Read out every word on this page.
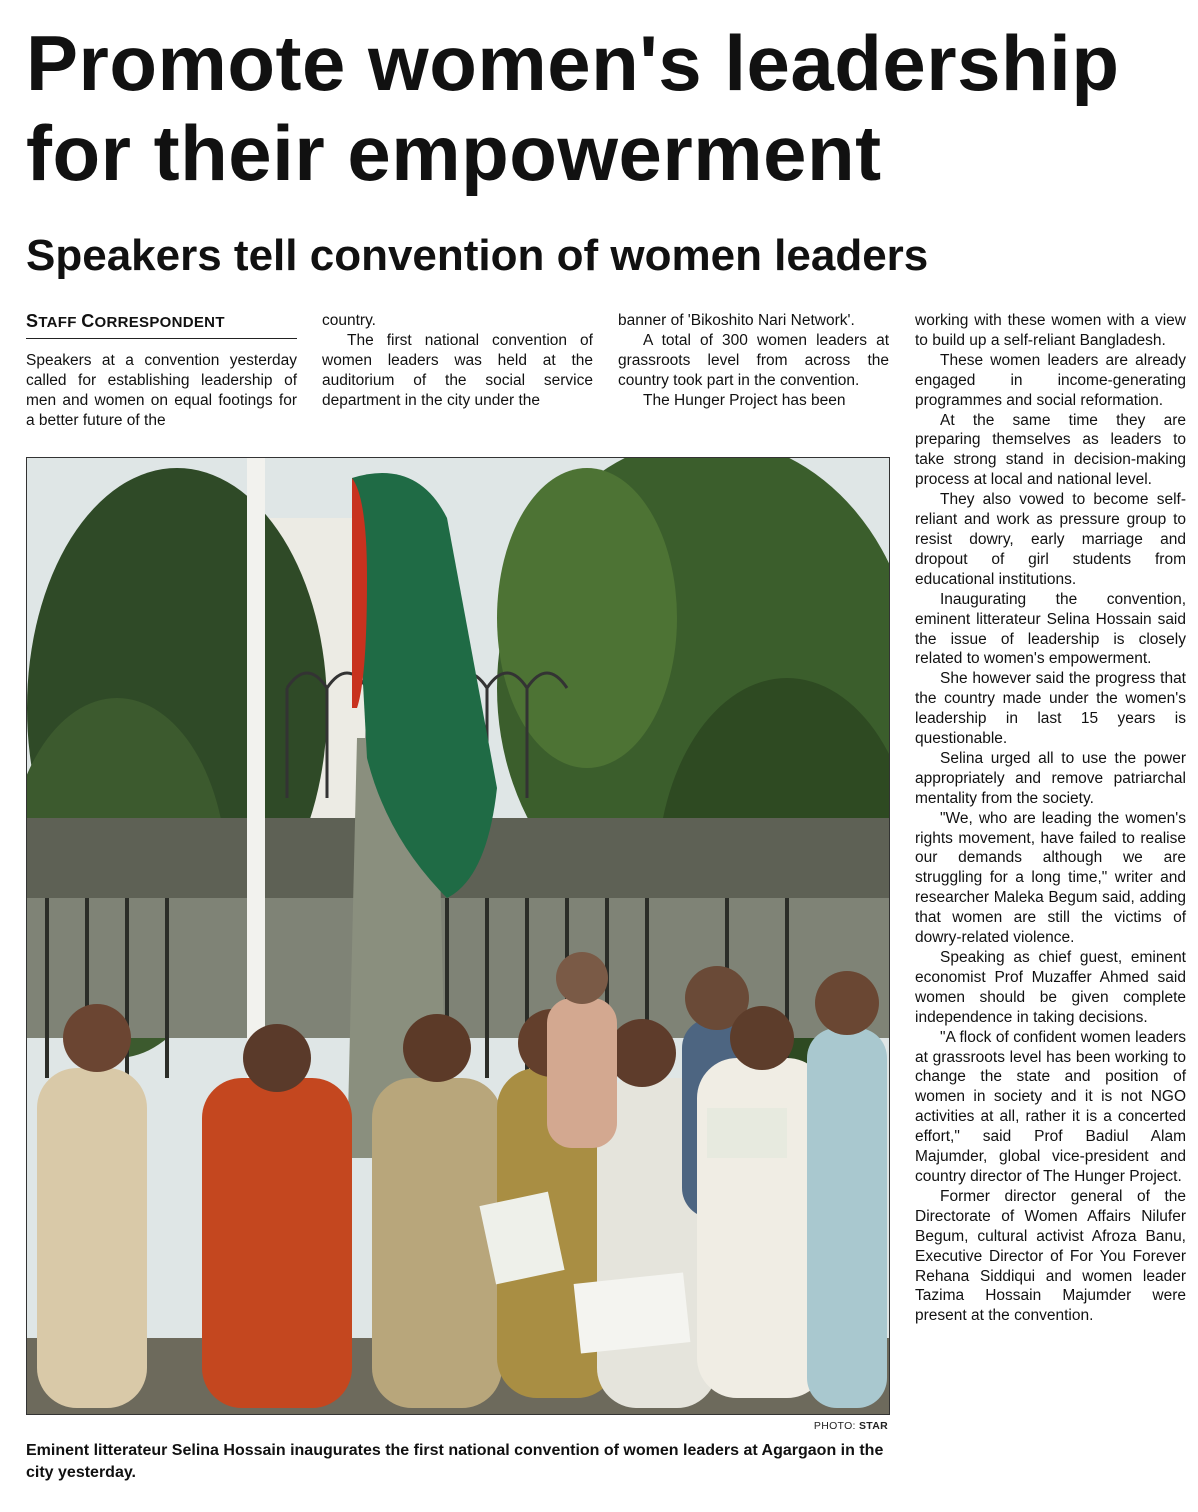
Promote women's leadership
for their empowerment
Speakers tell convention of women leaders
STAFF CORRESPONDENT

Speakers at a convention yesterday called for establishing leadership of men and women on equal footings for a better future of the

country.

The first national convention of women leaders was held at the auditorium of the social service department in the city under the

banner of 'Bikoshito Nari Network'.

A total of 300 women leaders at grassroots level from across the country took part in the convention.

The Hunger Project has been

working with these women with a view to build up a self-reliant Bangladesh.

These women leaders are already engaged in income-generating programmes and social reformation.

At the same time they are preparing themselves as leaders to take strong stand in decision-making process at local and national level.

They also vowed to become self-reliant and work as pressure group to resist dowry, early marriage and dropout of girl students from educational institutions.

Inaugurating the convention, eminent litterateur Selina Hossain said the issue of leadership is closely related to women's empowerment.

She however said the progress that the country made under the women's leadership in last 15 years is questionable.

Selina urged all to use the power appropriately and remove patriarchal mentality from the society.

"We, who are leading the women's rights movement, have failed to realise our demands although we are struggling for a long time," writer and researcher Maleka Begum said, adding that women are still the victims of dowry-related violence.

Speaking as chief guest, eminent economist Prof Muzaffer Ahmed said women should be given complete independence in taking decisions.

"A flock of confident women leaders at grassroots level has been working to change the state and position of women in society and it is not NGO activities at all, rather it is a concerted effort," said Prof Badiul Alam Majumder, global vice-president and country director of The Hunger Project.

Former director general of the Directorate of Women Affairs Nilufer Begum, cultural activist Afroza Banu, Executive Director of For You Forever Rehana Siddiqui and women leader Tazima Hossain Majumder were present at the convention.

PHOTO: STAR
Eminent litterateur Selina Hossain inaugurates the first national convention of women leaders at Agargaon in the city yesterday.
